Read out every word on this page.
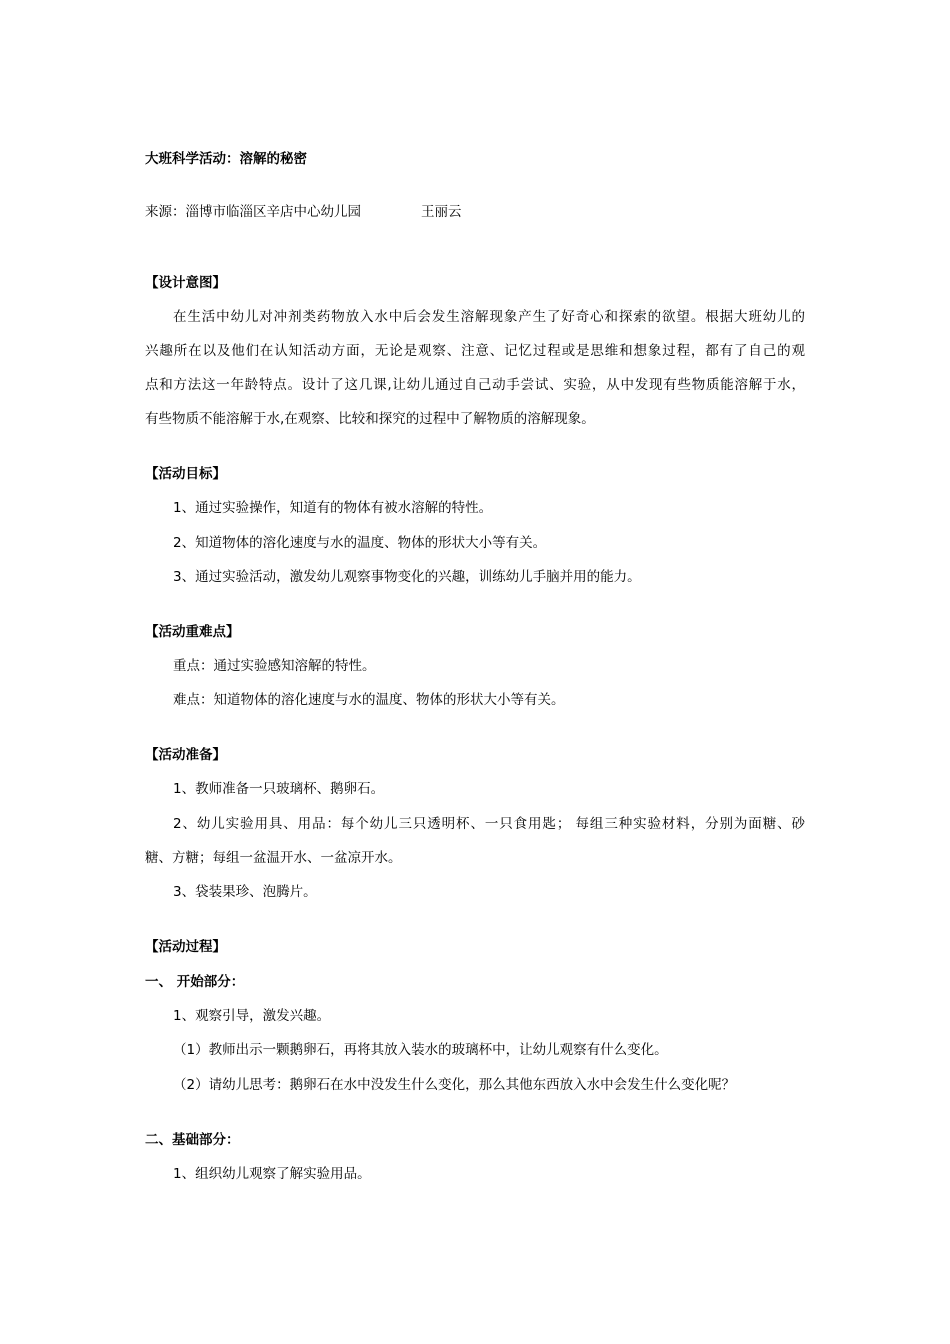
大班科学活动：溶解的秘密
来源：淄博市临淄区辛店中心幼儿园	王丽云
【设计意图】
在生活中幼儿对冲剂类药物放入水中后会发生溶解现象产生了好奇心和探索的欲望。根据大班幼儿的
兴趣所在以及他们在认知活动方面，无论是观察、注意、记忆过程或是思维和想象过程，都有了自己的观
点和方法这一年龄特点。设计了这几课,让幼儿通过自己动手尝试、实验，从中发现有些物质能溶解于水，
有些物质不能溶解于水,在观察、比较和探究的过程中了解物质的溶解现象。
【活动目标】
1、通过实验操作，知道有的物体有被水溶解的特性。
2、知道物体的溶化速度与水的温度、物体的形状大小等有关。
3、通过实验活动，激发幼儿观察事物变化的兴趣，训练幼儿手脑并用的能力。
【活动重难点】
重点：通过实验感知溶解的特性。
难点：知道物体的溶化速度与水的温度、物体的形状大小等有关。
【活动准备】
1、教师准备一只玻璃杯、鹅卵石。
2、幼儿实验用具、用品：每个幼儿三只透明杯、一只食用匙； 每组三种实验材料，分别为面糖、砂
糖、方糖；每组一盆温开水、一盆凉开水。
3、袋装果珍、泡腾片。
【活动过程】
一、 开始部分：
1、观察引导，激发兴趣。
（1）教师出示一颗鹅卵石，再将其放入装水的玻璃杯中，让幼儿观察有什么变化。
（2）请幼儿思考：鹅卵石在水中没发生什么变化，那么其他东西放入水中会发生什么变化呢？
二、基础部分：
1、组织幼儿观察了解实验用品。
